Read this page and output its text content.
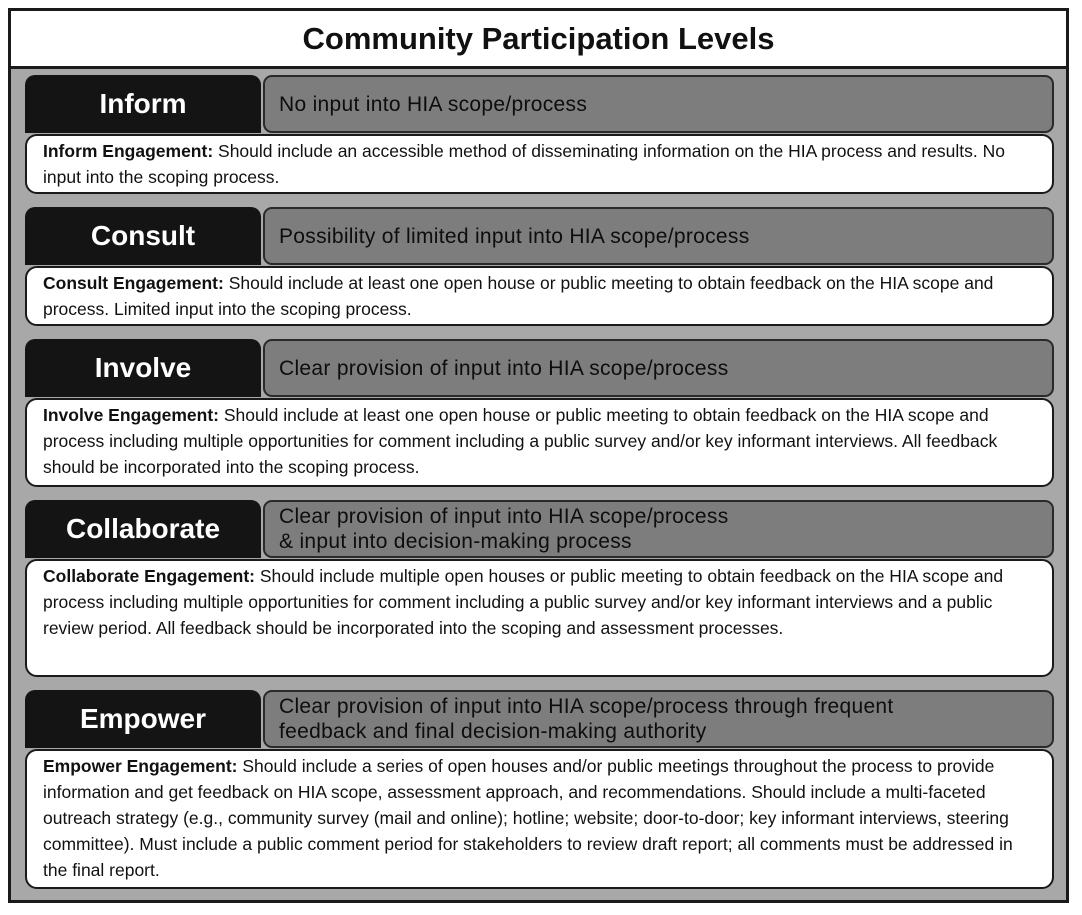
Community Participation Levels
Inform	No input into HIA scope/process
Inform Engagement: Should include an accessible method of disseminating information on the HIA process and results. No input into the scoping process.
Consult	Possibility of limited input into HIA scope/process
Consult Engagement: Should include at least one open house or public meeting to obtain feedback on the HIA scope and process. Limited input into the scoping process.
Involve	Clear provision of input into HIA scope/process
Involve Engagement: Should include at least one open house or public meeting to obtain feedback on the HIA scope and process including multiple opportunities for comment including a public survey and/or key informant interviews. All feedback should be incorporated into the scoping process.
Collaborate	Clear provision of input into HIA scope/process
& input into decision-making process
Collaborate Engagement: Should include multiple open houses or public meeting to obtain feedback on the HIA scope and process including multiple opportunities for comment including a public survey and/or key informant interviews and a public review period. All feedback should be incorporated into the scoping and assessment processes.
Empower	Clear provision of input into HIA scope/process through frequent
feedback and final decision-making authority
Empower Engagement: Should include a series of open houses and/or public meetings throughout the process to provide information and get feedback on HIA scope, assessment approach, and recommendations. Should include a multi-faceted outreach strategy (e.g., community survey (mail and online); hotline; website; door-to-door; key informant interviews, steering committee). Must include a public comment period for stakeholders to review draft report; all comments must be addressed in the final report.
